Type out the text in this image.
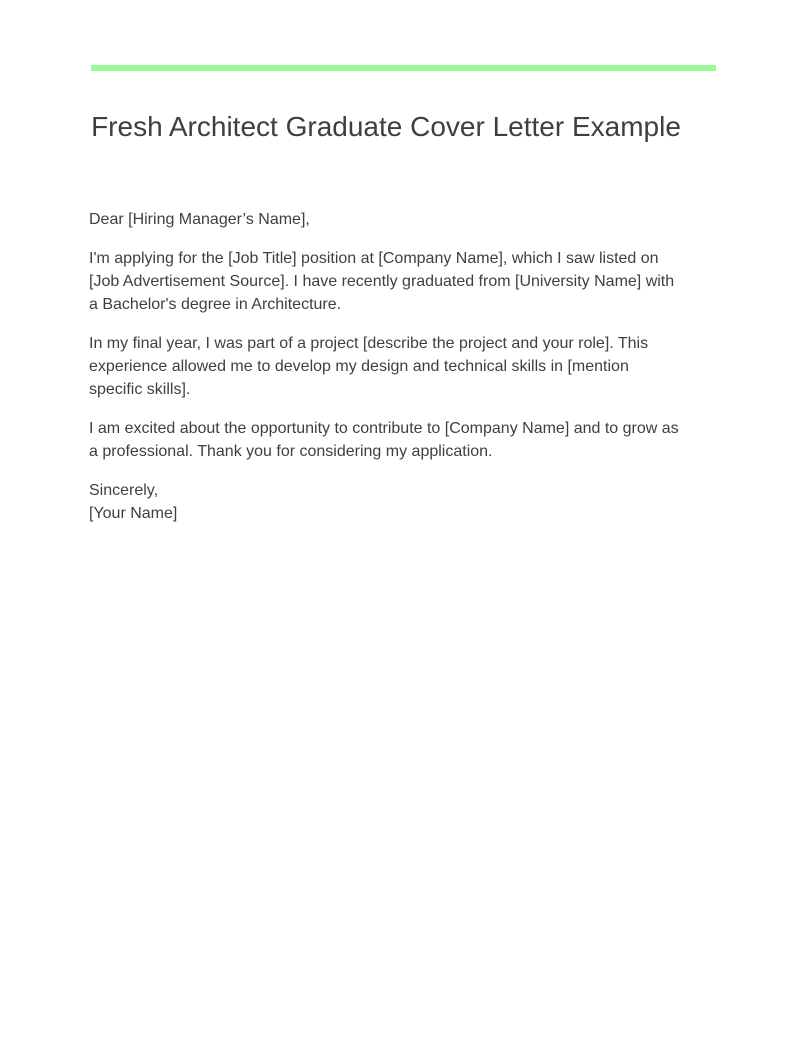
Fresh Architect Graduate Cover Letter Example

Dear [Hiring Manager’s Name],

I'm applying for the [Job Title] position at [Company Name], which I saw listed on [Job Advertisement Source]. I have recently graduated from [University Name] with a Bachelor's degree in Architecture.

In my final year, I was part of a project [describe the project and your role]. This experience allowed me to develop my design and technical skills in [mention specific skills].

I am excited about the opportunity to contribute to [Company Name] and to grow as a professional. Thank you for considering my application.

Sincerely,
[Your Name]
